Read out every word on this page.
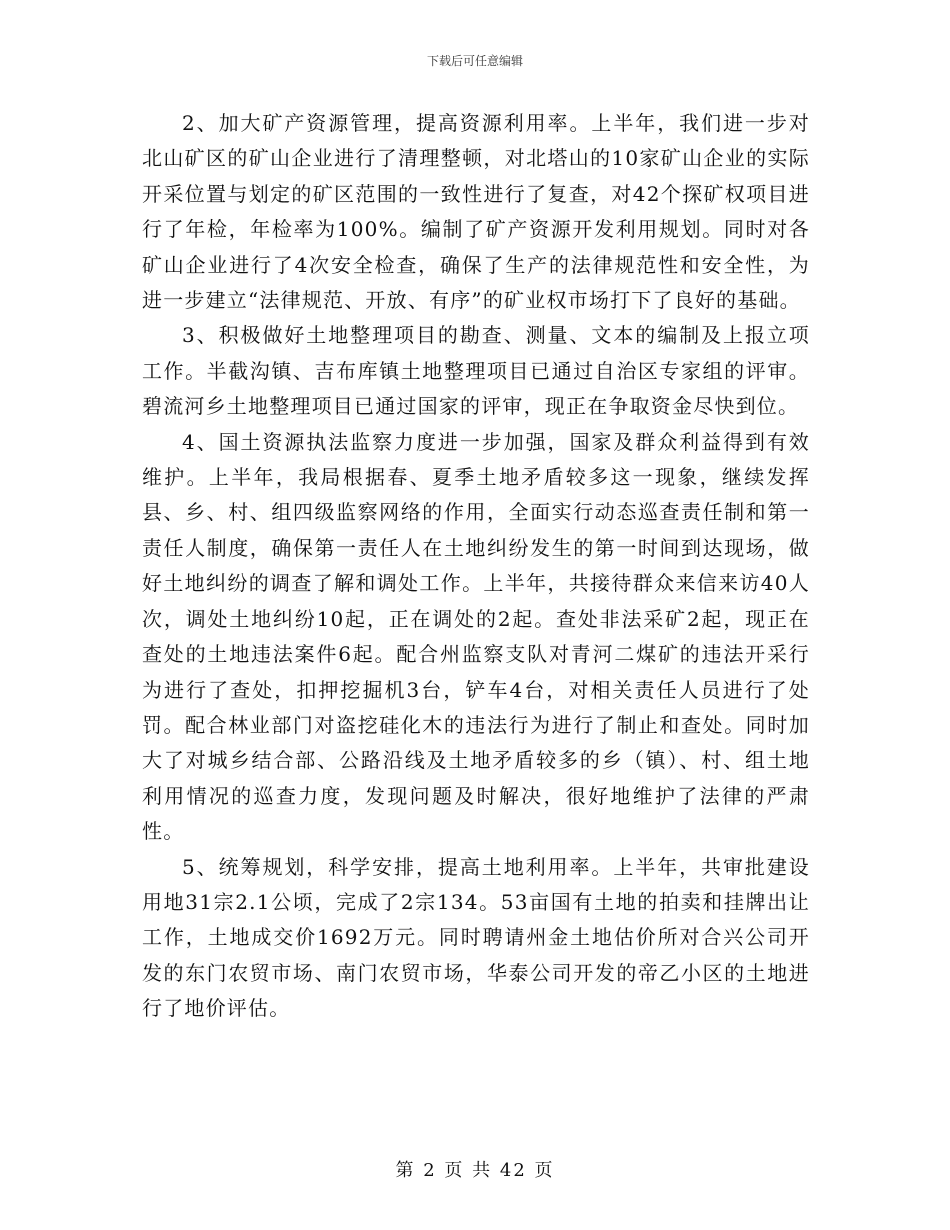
下载后可任意编辑

2、加大矿产资源管理，提高资源利用率。上半年，我们进一步对北山矿区的矿山企业进行了清理整顿，对北塔山的10家矿山企业的实际开采位置与划定的矿区范围的一致性进行了复查，对42个探矿权项目进行了年检，年检率为100%。编制了矿产资源开发利用规划。同时对各矿山企业进行了4次安全检查，确保了生产的法律规范性和安全性，为进一步建立“法律规范、开放、有序”的矿业权市场打下了良好的基础。

3、积极做好土地整理项目的勘查、测量、文本的编制及上报立项工作。半截沟镇、吉布库镇土地整理项目已通过自治区专家组的评审。碧流河乡土地整理项目已通过国家的评审，现正在争取资金尽快到位。

4、国土资源执法监察力度进一步加强，国家及群众利益得到有效维护。上半年，我局根据春、夏季土地矛盾较多这一现象，继续发挥县、乡、村、组四级监察网络的作用，全面实行动态巡查责任制和第一责任人制度，确保第一责任人在土地纠纷发生的第一时间到达现场，做好土地纠纷的调查了解和调处工作。上半年，共接待群众来信来访40人次，调处土地纠纷10起，正在调处的2起。查处非法采矿2起，现正在查处的土地违法案件6起。配合州监察支队对青河二煤矿的违法开采行为进行了查处，扣押挖掘机3台，铲车4台，对相关责任人员进行了处罚。配合林业部门对盗挖硅化木的违法行为进行了制止和查处。同时加大了对城乡结合部、公路沿线及土地矛盾较多的乡（镇）、村、组土地利用情况的巡查力度，发现问题及时解决，很好地维护了法律的严肃性。

5、统筹规划，科学安排，提高土地利用率。上半年，共审批建设用地31宗2.1公顷，完成了2宗134。53亩国有土地的拍卖和挂牌出让工作，土地成交价1692万元。同时聘请州金土地估价所对合兴公司开发的东门农贸市场、南门农贸市场，华泰公司开发的帝乙小区的土地进行了地价评估。

第 2 页 共 42 页
